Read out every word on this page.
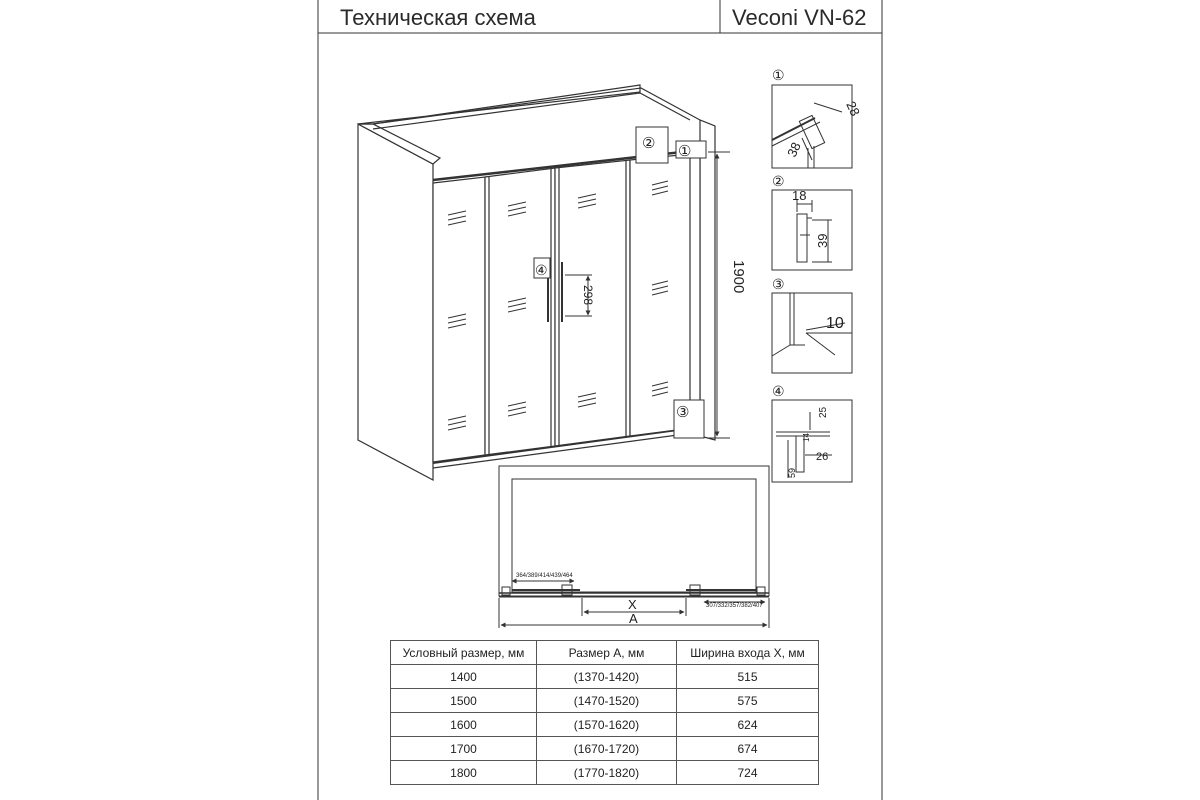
Техническая схема	Veconi VN-62
1900
298
①
②
③
④
364/389/414/439/464
307/332/357/382/407
X
A
①
28
38
②
18
39
③
10
④
25
14
26
59
Условный размер, мм	Размер А, мм	Ширина входа X, мм
1400	(1370-1420)	515
1500	(1470-1520)	575
1600	(1570-1620)	624
1700	(1670-1720)	674
1800	(1770-1820)	724
